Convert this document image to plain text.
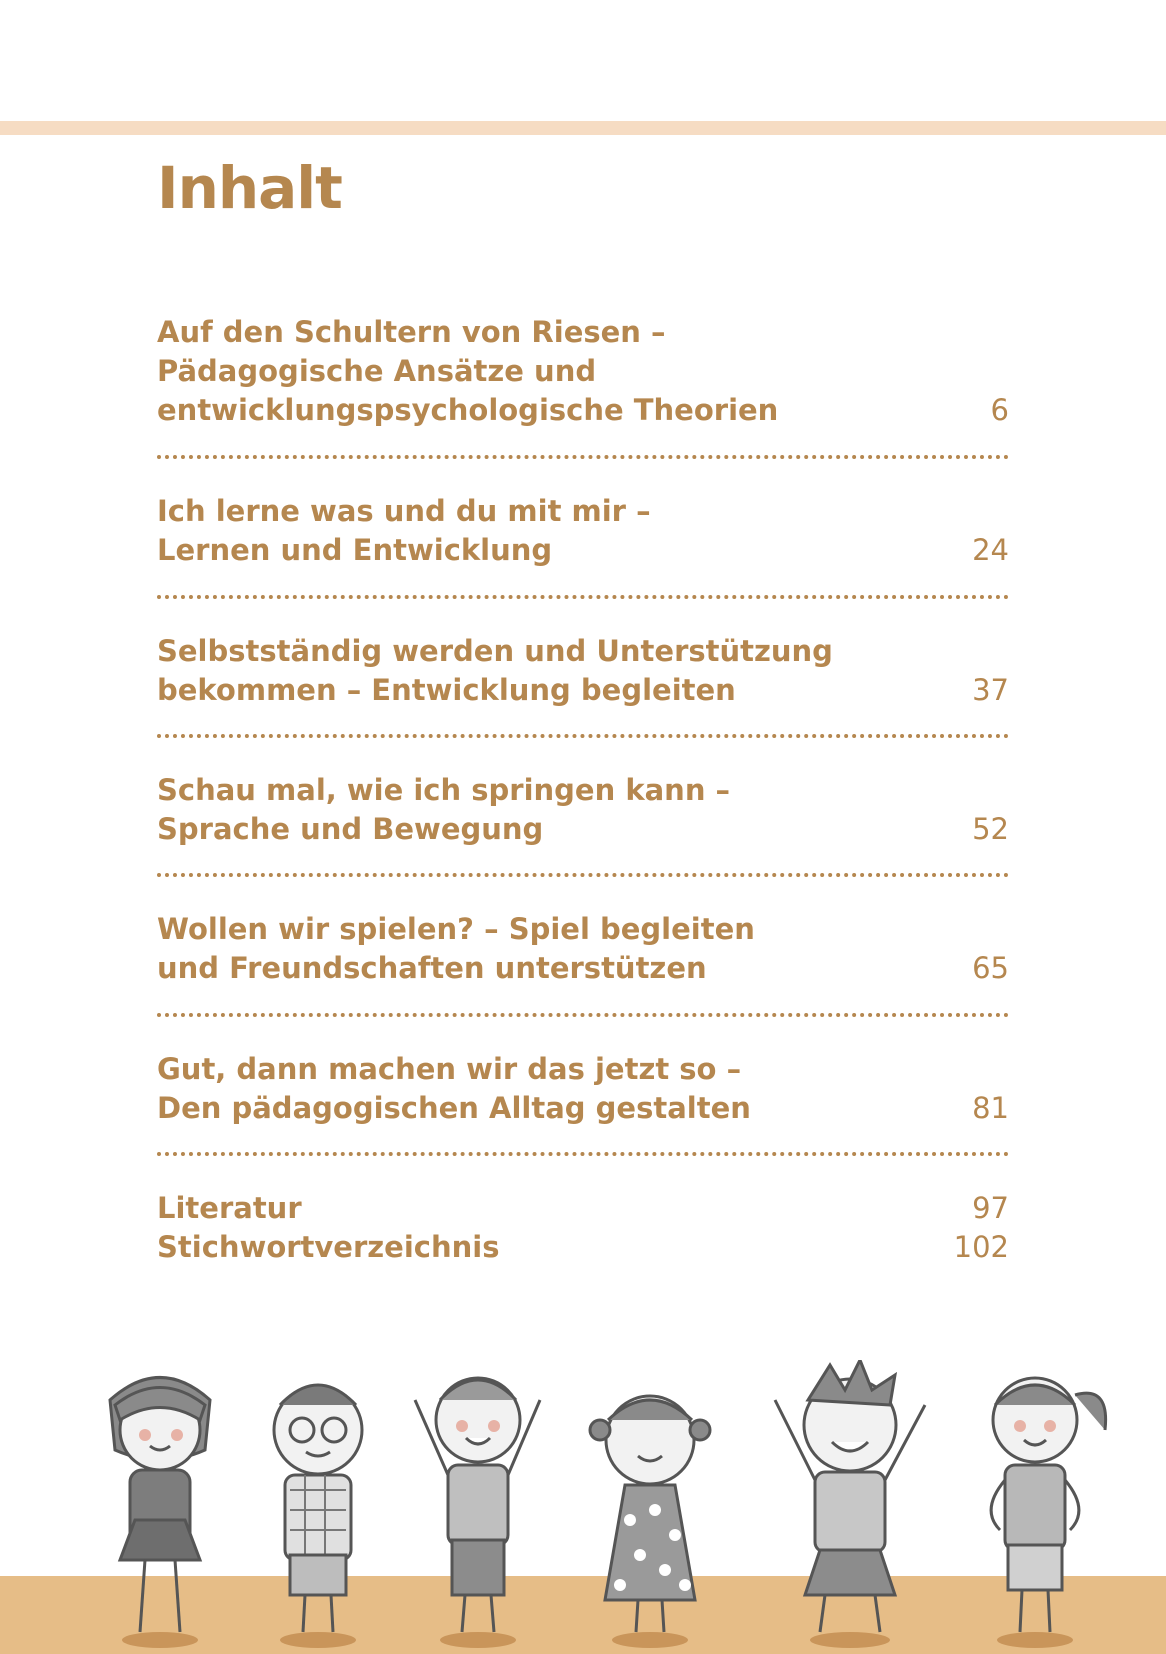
Inhalt
Auf den Schultern von Riesen –
Pädagogische Ansätze und
entwicklungspsychologische Theorien	6
Ich lerne was und du mit mir –
Lernen und Entwicklung	24
Selbstständig werden und Unterstützung
bekommen – Entwicklung begleiten	37
Schau mal, wie ich springen kann –
Sprache und Bewegung	52
Wollen wir spielen? – Spiel begleiten
und Freundschaften unterstützen	65
Gut, dann machen wir das jetzt so –
Den pädagogischen Alltag gestalten	81
Literatur	97
Stichwortverzeichnis	102
